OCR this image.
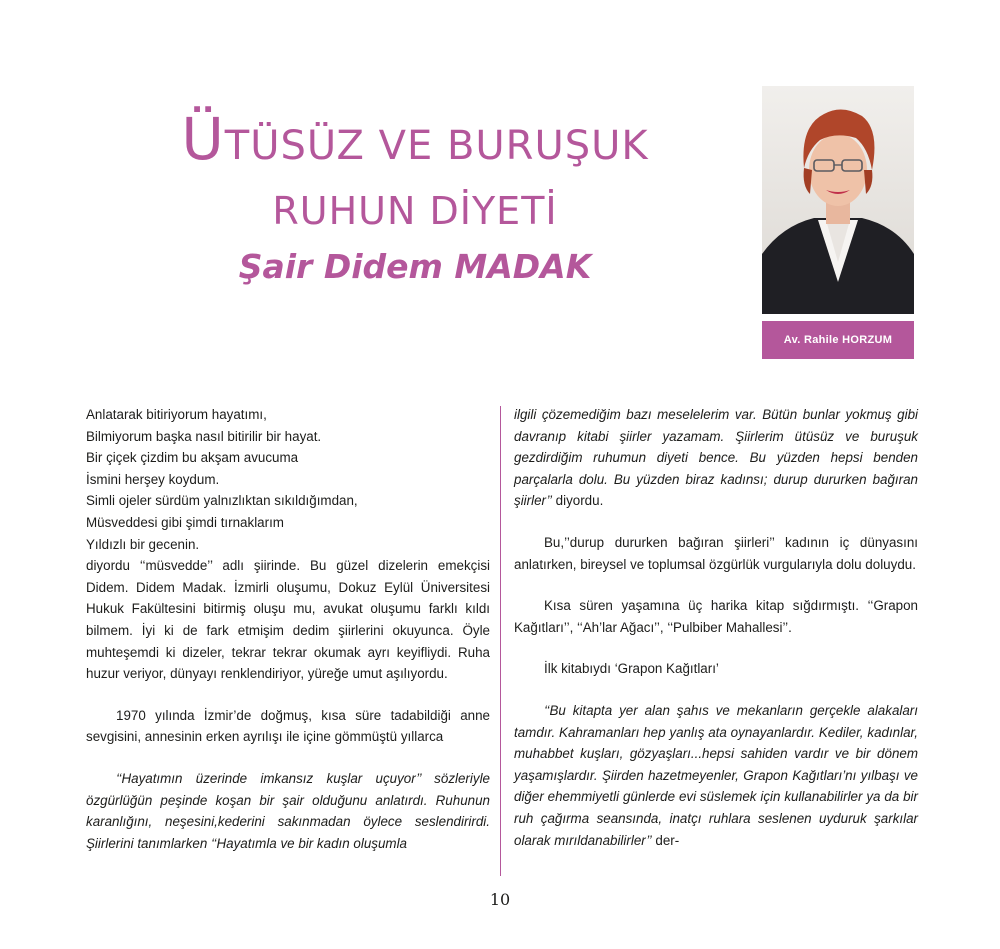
ÜTÜSÜZ VE BURUŞUK
RUHUN DİYETİ
Şair Didem MADAK
Av. Rahile HORZUM

Anlatarak bitiriyorum hayatımı,

Bilmiyorum başka nasıl bitirilir bir hayat.

Bir çiçek çizdim bu akşam avucuma

İsmini herşey koydum.

Simli ojeler sürdüm yalnızlıktan sıkıldığımdan,

Müsveddesi gibi şimdi tırnaklarım

Yıldızlı bir gecenin.

diyordu ‘‘müsvedde’’ adlı şiirinde. Bu güzel dizelerin emekçisi Didem. Didem Madak. İzmirli oluşumu, Dokuz Eylül Üniversitesi Hukuk Fakültesini bitirmiş oluşu mu, avukat oluşumu farklı kıldı bilmem. İyi ki de fark etmişim dedim şiirlerini okuyunca. Öyle muhteşemdi ki dizeler, tekrar tekrar okumak ayrı keyifliydi. Ruha huzur veriyor, dünyayı renklendiriyor, yüreğe umut aşılıyordu.

1970 yılında İzmir’de doğmuş, kısa süre tadabildiği anne sevgisini, annesinin erken ayrılışı ile içine gömmüştü yıllarca

‘‘Hayatımın üzerinde imkansız kuşlar uçuyor’’ sözleriyle özgürlüğün peşinde koşan bir şair olduğunu anlatırdı. Ruhunun karanlığını, neşesini,kederini sakınmadan öylece seslendirirdi. Şiirlerini tanımlarken ‘‘Hayatımla ve bir kadın oluşumla

ilgili çözemediğim bazı meselelerim var. Bütün bunlar yokmuş gibi davranıp kitabi şiirler yazamam. Şiirlerim ütüsüz ve buruşuk gezdirdiğim ruhumun diyeti bence. Bu yüzden hepsi benden parçalarla dolu. Bu yüzden biraz kadınsı; durup dururken bağıran şiirler’’ diyordu.

Bu,’’durup dururken bağıran şiirleri’’ kadının iç dünyasını anlatırken, bireysel ve toplumsal özgürlük vurgularıyla dolu doluydu.

Kısa süren yaşamına üç harika kitap sığdırmıştı. ‘‘Grapon Kağıtları’’, ‘‘Ah’lar Ağacı’’, ‘‘Pulbiber Mahallesi’’.

İlk kitabıydı ‘Grapon Kağıtları’

‘‘Bu kitapta yer alan şahıs ve mekanların gerçekle alakaları tamdır. Kahramanları hep yanlış ata oynayanlardır. Kediler, kadınlar, muhabbet kuşları, gözyaşları...hepsi sahiden vardır ve bir dönem yaşamışlardır. Şiirden hazetmeyenler, Grapon Kağıtları’nı yılbaşı ve diğer ehemmiyetli günlerde evi süslemek için kullanabilirler ya da bir ruh çağırma seansında, inatçı ruhlara seslenen uyduruk şarkılar olarak mırıldanabilirler’’ der-

10
